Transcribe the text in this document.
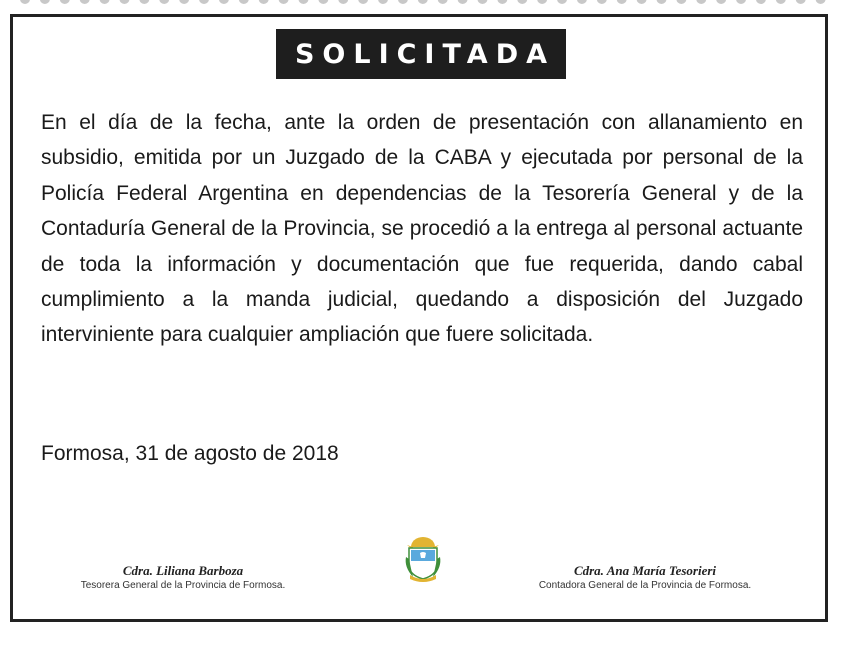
SOLICITADA

En el día de la fecha, ante la orden de presentación con allanamiento en subsidio, emitida por un Juzgado de la CABA y ejecutada por personal de la Policía Federal Argentina en dependencias de la Tesorería General y de la Contaduría General de la Provincia, se procedió a la entrega al personal actuante de toda la información y documentación que fue requerida, dando cabal cumplimiento a la manda judicial, quedando a disposición del Juzgado interviniente para cualquier ampliación que fuere solicitada.

Formosa, 31 de agosto de 2018

Cdra. Liliana Barboza
Tesorera General de la Provincia de Formosa.
Cdra. Ana María Tesorieri
Contadora General de la Provincia de Formosa.
